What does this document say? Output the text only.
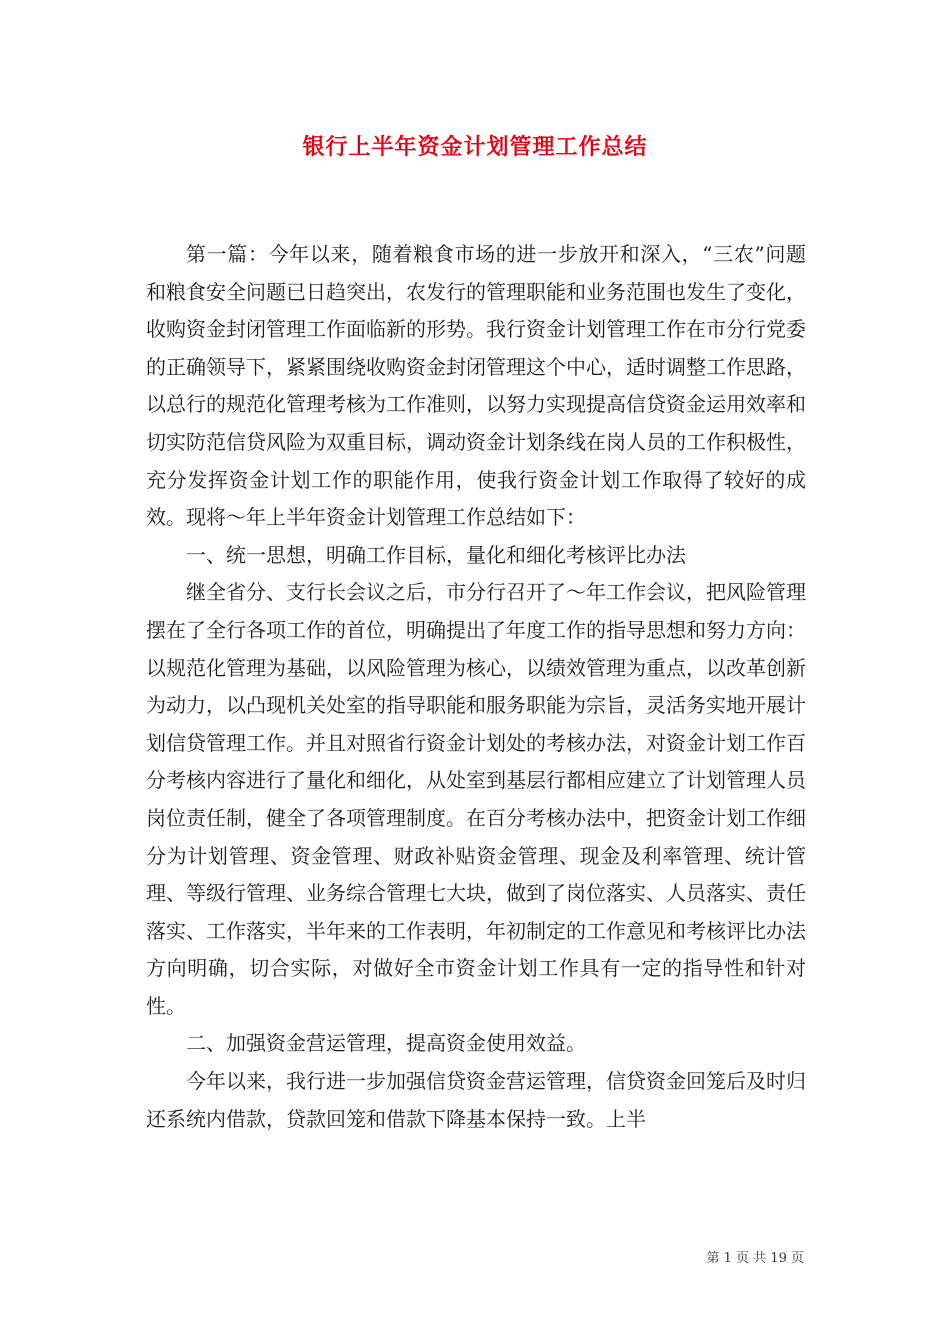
银行上半年资金计划管理工作总结

第一篇：今年以来，随着粮食市场的进一步放开和深入，“三农”问题和粮食安全问题已日趋突出，农发行的管理职能和业务范围也发生了变化，收购资金封闭管理工作面临新的形势。我行资金计划管理工作在市分行党委的正确领导下，紧紧围绕收购资金封闭管理这个中心，适时调整工作思路，以总行的规范化管理考核为工作准则，以努力实现提高信贷资金运用效率和切实防范信贷风险为双重目标，调动资金计划条线在岗人员的工作积极性，充分发挥资金计划工作的职能作用，使我行资金计划工作取得了较好的成效。现将～年上半年资金计划管理工作总结如下：

一、统一思想，明确工作目标，量化和细化考核评比办法

继全省分、支行长会议之后，市分行召开了～年工作会议，把风险管理摆在了全行各项工作的首位，明确提出了年度工作的指导思想和努力方向：以规范化管理为基础，以风险管理为核心，以绩效管理为重点，以改革创新为动力，以凸现机关处室的指导职能和服务职能为宗旨，灵活务实地开展计划信贷管理工作。并且对照省行资金计划处的考核办法，对资金计划工作百分考核内容进行了量化和细化，从处室到基层行都相应建立了计划管理人员岗位责任制，健全了各项管理制度。在百分考核办法中，把资金计划工作细分为计划管理、资金管理、财政补贴资金管理、现金及利率管理、统计管理、等级行管理、业务综合管理七大块，做到了岗位落实、人员落实、责任落实、工作落实，半年来的工作表明，年初制定的工作意见和考核评比办法方向明确，切合实际，对做好全市资金计划工作具有一定的指导性和针对性。

二、加强资金营运管理，提高资金使用效益。

今年以来，我行进一步加强信贷资金营运管理，信贷资金回笼后及时归还系统内借款，贷款回笼和借款下降基本保持一致。上半

第 1 页 共 19 页
